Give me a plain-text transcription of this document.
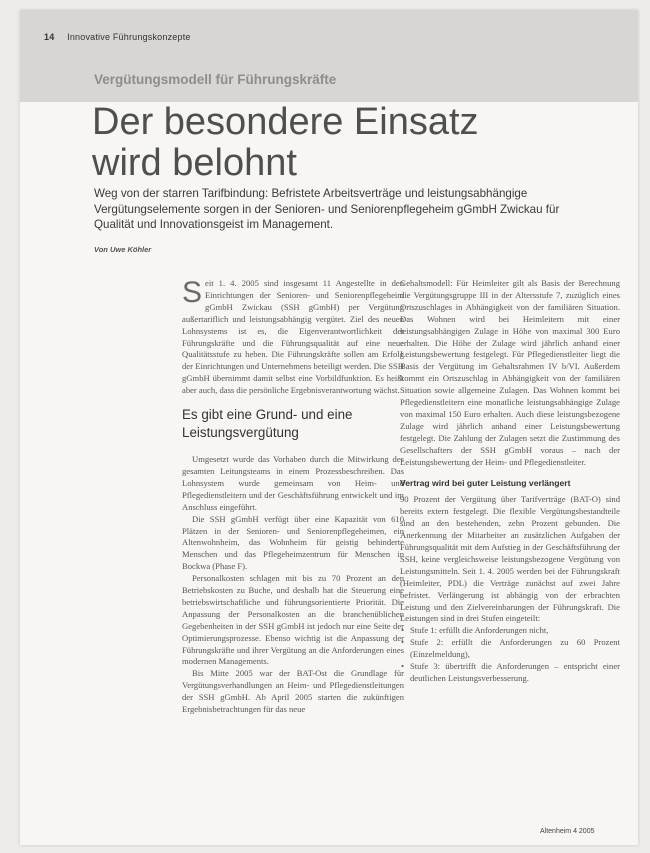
14 Innovative Führungskonzepte
Vergütungsmodell für Führungskräfte
Der besondere Einsatz
wird belohnt
Weg von der starren Tarifbindung: Befristete Arbeitsverträge und leistungsabhängige Vergütungselemente sorgen in der Senioren- und Seniorenpflegeheim gGmbH Zwickau für Qualität und Innovationsgeist im Management.
Von Uwe Köhler

Seit 1. 4. 2005 sind insgesamt 11 Angestellte in den Einrichtungen der Senioren- und Seniorenpflegeheim gGmbH Zwickau (SSH gGmbH) per Vergütung außertariflich und leistungsabhängig vergütet. Ziel des neuen Lohnsystems ist es, die Eigenverantwortlichkeit der Führungskräfte und die Führungsqualität auf eine neue Qualitätsstufe zu heben. Die Führungskräfte sollen am Erfolg der Einrichtungen und Unternehmens beteiligt werden. Die SSH gGmbH übernimmt damit selbst eine Vorbildfunktion. Es heißt aber auch, dass die persönliche Ergebnisverantwortung wächst.

Es gibt eine Grund- und eine Leistungsvergütung

Umgesetzt wurde das Vorhaben durch die Mitwirkung des gesamten Leitungsteams in einem Prozessbeschreiben. Das Lohnsystem wurde gemeinsam von Heim- und Pflegedienstleitern und der Geschäftsführung entwickelt und im Anschluss eingeführt.

Die SSH gGmbH verfügt über eine Kapazität von 610 Plätzen in der Senioren- und Seniorenpflegeheimen, ein Altenwohnheim, das Wohnheim für geistig behinderte Menschen und das Pflegeheimzentrum für Menschen in Bockwa (Phase F).

Personalkosten schlagen mit bis zu 70 Prozent an den Betriebskosten zu Buche, und deshalb hat die Steuerung eine betriebswirtschaftliche und führungsorientierte Priorität. Die Anpassung der Personalkosten an die branchenüblichen Gegebenheiten in der SSH gGmbH ist jedoch nur eine Seite der Optimierungsprozesse. Ebenso wichtig ist die Anpassung der Führungskräfte und ihrer Vergütung an die Anforderungen eines modernen Managements.

Bis Mitte 2005 war der BAT-Ost die Grundlage für Vergütungsverhandlungen an Heim- und Pflegedienstleitungen der SSH gGmbH. Ab April 2005 starten die zukünftigen Ergebnisbetrachtungen für das neue

Gehaltsmodell: Für Heimleiter gilt als Basis der Berechnung die Vergütungsgruppe III in der Altersstufe 7, zuzüglich eines Ortszuschlages in Abhängigkeit von der familiären Situation. Das Wohnen wird bei Heimleitern mit einer leistungsabhängigen Zulage in Höhe von maximal 300 Euro erhalten. Die Höhe der Zulage wird jährlich anhand einer Leistungsbewertung festgelegt. Für Pflegedienstleiter liegt die Basis der Vergütung im Gehaltsrahmen IV b/VI. Außerdem kommt ein Ortszuschlag in Abhängigkeit von der familiären Situation sowie allgemeine Zulagen. Das Wohnen kommt bei Pflegedienstleitern eine monatliche leistungsabhängige Zulage von maximal 150 Euro erhalten. Auch diese leistungsbezogene Zulage wird jährlich anhand einer Leistungsbewertung festgelegt. Die Zahlung der Zulagen setzt die Zustimmung des Gesellschafters der SSH gGmbH voraus – nach der Leistungsbewertung der Heim- und Pflegedienstleiter.

Vertrag wird bei guter Leistung verlängert

90 Prozent der Vergütung über Tarifverträge (BAT-O) sind bereits extern festgelegt. Die flexible Vergütungsbestandteile sind an den bestehenden, zehn Prozent gebunden. Die Anerkennung der Mitarbeiter an zusätzlichen Aufgaben der Führungsqualität mit dem Aufstieg in der Geschäftsführung der SSH, keine vergleichsweise leistungsbezogene Vergütung von Leistungsmitteln. Seit 1. 4. 2005 werden bei der Führungskraft (Heimleiter, PDL) die Verträge zunächst auf zwei Jahre befristet. Verlängerung ist abhängig von der erbrachten Leistung und den Zielvereinbarungen der Führungskraft. Die Leistungen sind in drei Stufen eingeteilt:

• Stufe 1: erfüllt die Anforderungen nicht,
• Stufe 2: erfüllt die Anforderungen zu 60 Prozent (Einzelmeldung),
• Stufe 3: übertrifft die Anforderungen – entspricht einer deutlichen Leistungsverbesserung.
Altenheim 4 2005
